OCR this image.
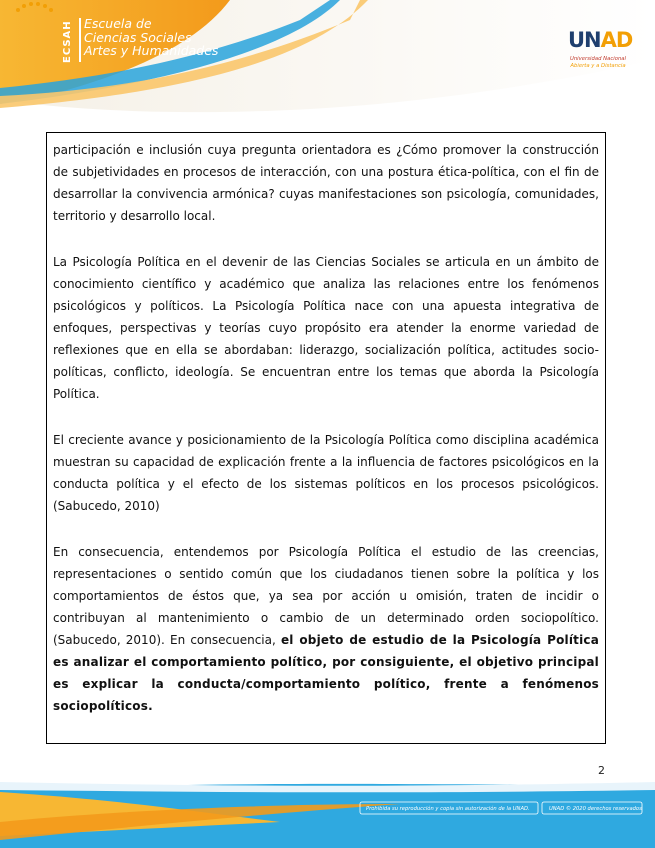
ECSAH Escuela de
Ciencias Sociales
Artes y Humanidades	UNAD
Universidad Nacional
Abierta y a Distancia

participación e inclusión cuya pregunta orientadora es ¿Cómo promover la construcción de subjetividades en procesos de interacción, con una postura ética-política, con el fin de desarrollar la convivencia armónica? cuyas manifestaciones son psicología, comunidades, territorio y desarrollo local.

La Psicología Política en el devenir de las Ciencias Sociales se articula en un ámbito de conocimiento científico y académico que analiza las relaciones entre los fenómenos psicológicos y políticos. La Psicología Política nace con una apuesta integrativa de enfoques, perspectivas y teorías cuyo propósito era atender la enorme variedad de reflexiones que en ella se abordaban: liderazgo, socialización política, actitudes socio-políticas, conflicto, ideología. Se encuentran entre los temas que aborda la Psicología Política.

El creciente avance y posicionamiento de la Psicología Política como disciplina académica muestran su capacidad de explicación frente a la influencia de factores psicológicos en la conducta política y el efecto de los sistemas políticos en los procesos psicológicos. (Sabucedo, 2010)

En consecuencia, entendemos por Psicología Política el estudio de las creencias, representaciones o sentido común que los ciudadanos tienen sobre la política y los comportamientos de éstos que, ya sea por acción u omisión, traten de incidir o contribuyan al mantenimiento o cambio de un determinado orden sociopolítico. (Sabucedo, 2010). En consecuencia, el objeto de estudio de la Psicología Política es analizar el comportamiento político, por consiguiente, el objetivo principal es explicar la conducta/comportamiento político, frente a fenómenos sociopolíticos.

2
Prohibida su reproducción y copia sin autorización de la UNAD.	UNAD © 2020 derechos reservados
